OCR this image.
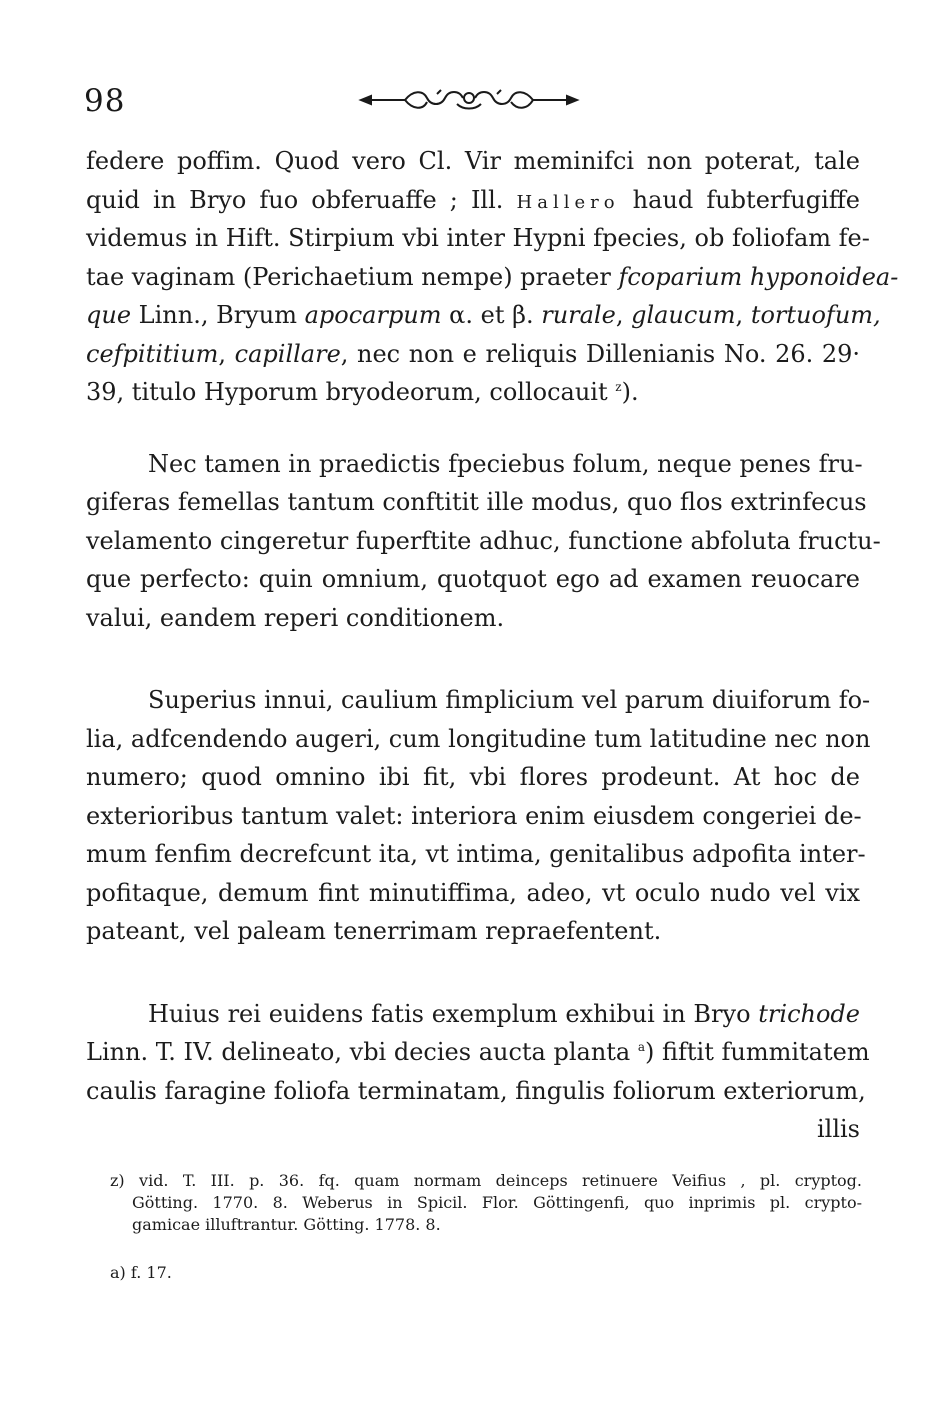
98
federe poffim. Quod vero Cl. Vir meminifci non poterat, tale
quid in Bryo fuo obferuaffe ; Ill. Hallero haud fubterfugiffe
videmus in Hift. Stirpium vbi inter Hypni fpecies, ob foliofam fe-
tae vaginam (Perichaetium nempe) praeter fcoparium hyponoidea-
que Linn., Bryum apocarpum α. et β. rurale, glaucum, tortuofum,
cefpititium, capillare, nec non e reliquis Dillenianis No. 26. 29·
39, titulo Hyporum bryodeorum, collocauit $^z$).
Nec tamen in praedictis fpeciebus folum, neque penes fru-
giferas femellas tantum conftitit ille modus, quo flos extrinfecus
velamento cingeretur fuperftite adhuc, functione abfoluta fructu-
que perfecto: quin omnium, quotquot ego ad examen reuocare
valui, eandem reperi conditionem.
Superius innui, caulium fimplicium vel parum diuiforum fo-
lia, adfcendendo augeri, cum longitudine tum latitudine nec non
numero; quod omnino ibi fit, vbi flores prodeunt. At hoc de
exterioribus tantum valet: interiora enim eiusdem congeriei de-
mum fenfim decrefcunt ita, vt intima, genitalibus adpofita inter-
pofitaque, demum fint minutiffima, adeo, vt oculo nudo vel vix
pateant, vel paleam tenerrimam repraefentent.
Huius rei euidens fatis exemplum exhibui in Bryo trichode
Linn. T. IV. delineato, vbi decies aucta planta $^a$) fiftit fummitatem
caulis faragine foliofa terminatam, fingulis foliorum exteriorum,
illis
z) vid. T. III. p. 36. fq. quam normam deinceps retinuere Veifius , pl. cryptog.
Götting. 1770. 8. Weberus in Spicil. Flor. Göttingenfi, quo inprimis pl. crypto-
gamicae illuftrantur. Götting. 1778. 8.
a) f. 17.
